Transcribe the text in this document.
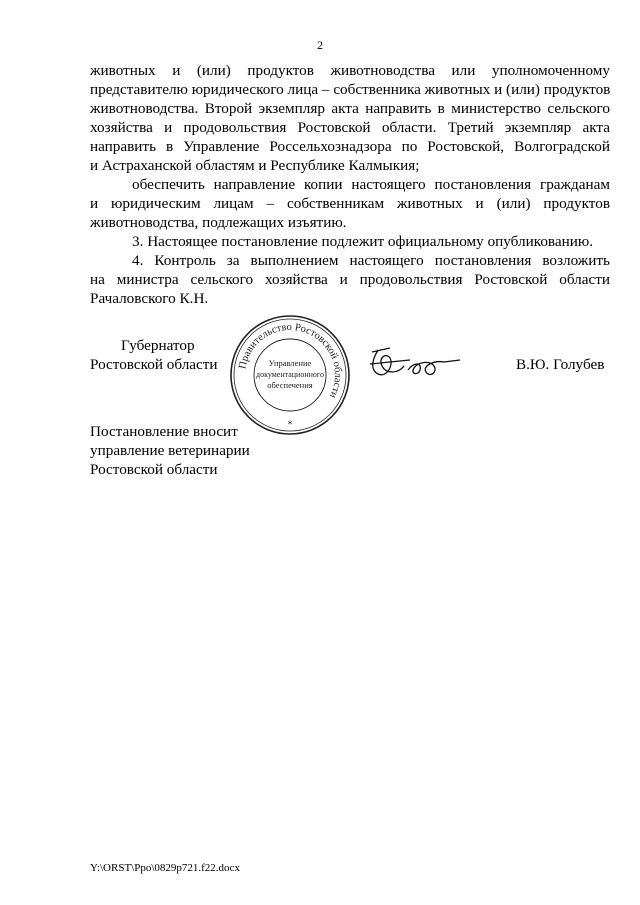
2
животных и (или) продуктов животноводства или уполномоченному
представителю юридического лица – собственника животных и (или) продуктов
животноводства. Второй экземпляр акта направить в министерство сельского
хозяйства и продовольствия Ростовской области. Третий экземпляр акта
направить в Управление Россельхознадзора по Ростовской, Волгоградской
и Астраханской областям и Республике Калмыкия;
обеспечить направление копии настоящего постановления гражданам
и юридическим лицам – собственникам животных и (или) продуктов
животноводства, подлежащих изъятию.
3. Настоящее постановление подлежит официальному опубликованию.
4. Контроль за выполнением настоящего постановления возложить
на министра сельского хозяйства и продовольствия Ростовской области
Рачаловского К.Н.
Губернатор
Ростовской области	В.Ю. Голубев
Правительство Ростовской области
Управление
документационного
обеспечения
*
Постановление вносит
управление ветеринарии
Ростовской области
Y:\ORST\Ppo\0829p721.f22.docx
